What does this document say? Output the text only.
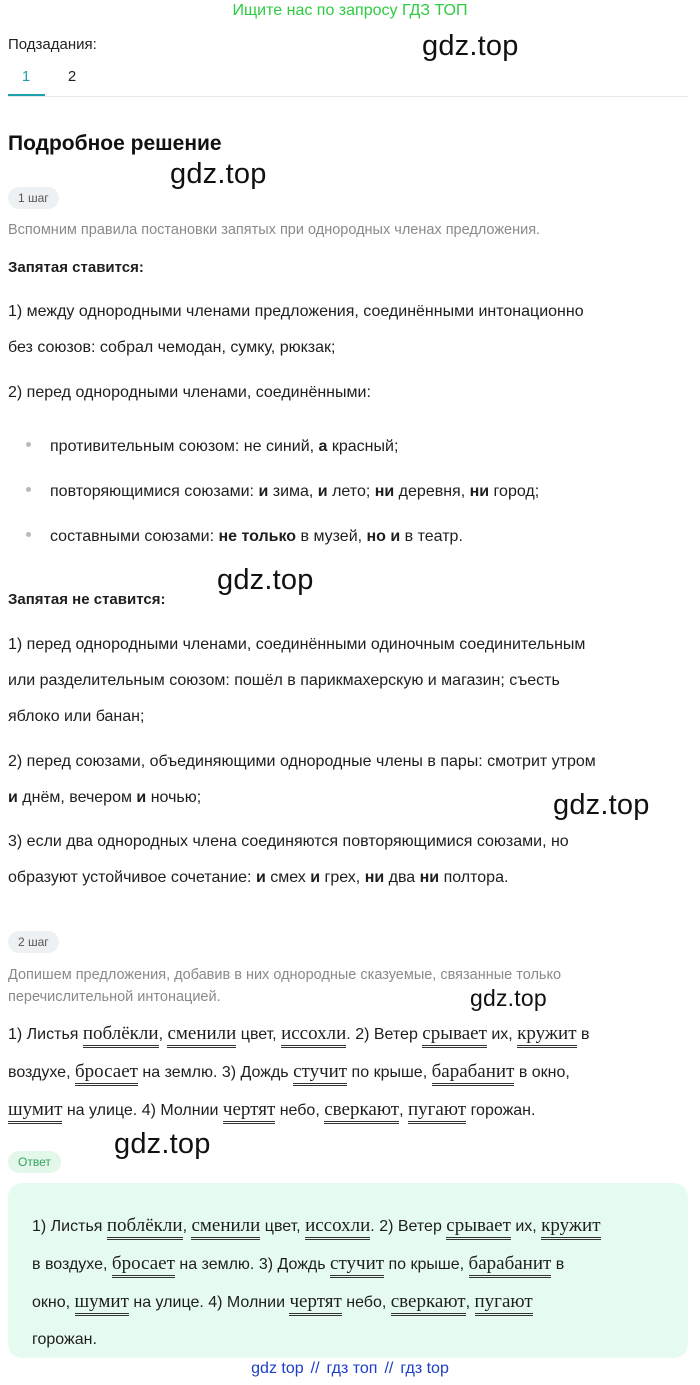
Ищите нас по запросу ГДЗ ТОП
gdz.top
gdz.top
gdz.top
gdz.top
gdz.top
gdz.top
Подзадания:
1	2
Подробное решение
1 шаг
Вспомним правила постановки запятых при однородных членах предложения.
Запятая ставится:
1) между однородными членами предложения, соединёнными интонационно
без союзов: собрал чемодан, сумку, рюкзак;
2) перед однородными членами, соединёнными:
противительным союзом: не синий, а красный;
повторяющимися союзами: и зима, и лето; ни деревня, ни город;
составными союзами: не только в музей, но и в театр.
Запятая не ставится:
1) перед однородными членами, соединёнными одиночным соединительным
или разделительным союзом: пошёл в парикмахерскую и магазин; съесть
яблоко или банан;
2) перед союзами, объединяющими однородные члены в пары: смотрит утром
и днём, вечером и ночью;
3) если два однородных члена соединяются повторяющимися союзами, но
образуют устойчивое сочетание: и смех и грех, ни два ни полтора.
2 шаг
Допишем предложения, добавив в них однородные сказуемые, связанные только
перечислительной интонацией.
1) Листья поблёкли, сменили цвет, иссохли. 2) Ветер срывает их, кружит в
воздухе, бросает на землю. 3) Дождь стучит по крыше, барабанит в окно,
шумит на улице. 4) Молнии чертят небо, сверкают, пугают горожан.
Ответ
1) Листья поблёкли, сменили цвет, иссохли. 2) Ветер срывает их, кружит
в воздухе, бросает на землю. 3) Дождь стучит по крыше, барабанит в
окно, шумит на улице. 4) Молнии чертят небо, сверкают, пугают
горожан.
gdz top // гдз топ // гдз top
